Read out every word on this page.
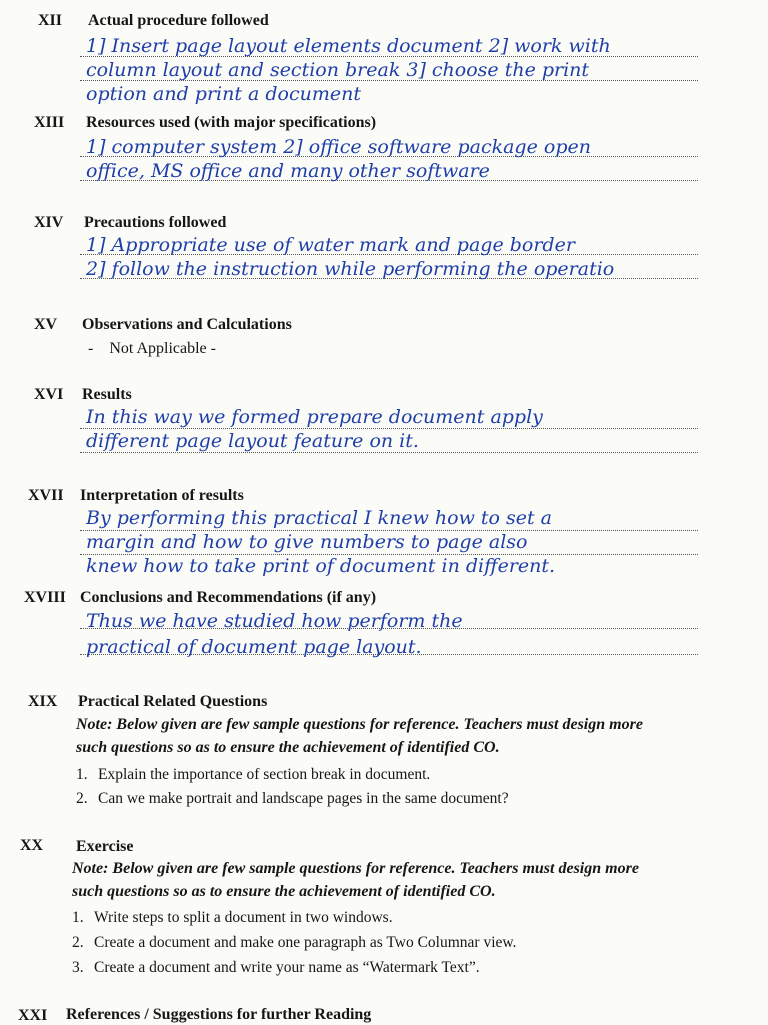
XII Actual procedure followed
1] Insert page layout elements document 2] work with
column layout and section break 3] choose the print
option and print a document
XIII Resources used (with major specifications)
1] computer system 2] office software package open
office, MS office and many other software
XIV Precautions followed
1] Appropriate use of water mark and page border
2] follow the instruction while performing the operatio
XV Observations and Calculations
-    Not Applicable -
XVI Results
In this way we formed prepare document apply
different page layout feature on it.
XVII Interpretation of results
By performing this practical I knew how to set a
margin and how to give numbers to page also
knew how to take print of document in different.
XVIII Conclusions and Recommendations (if any)
Thus we have studied how perform the
practical of document page layout.
XIX Practical Related Questions
Note: Below given are few sample questions for reference. Teachers must design more
such questions so as to ensure the achievement of identified CO.
1. Explain the importance of section break in document.
2. Can we make portrait and landscape pages in the same document?
XX Exercise
Note: Below given are few sample questions for reference. Teachers must design more
such questions so as to ensure the achievement of identified CO.
1. Write steps to split a document in two windows.
2. Create a document and make one paragraph as Two Columnar view.
3. Create a document and write your name as “Watermark Text”.
XXI References / Suggestions for further Reading
